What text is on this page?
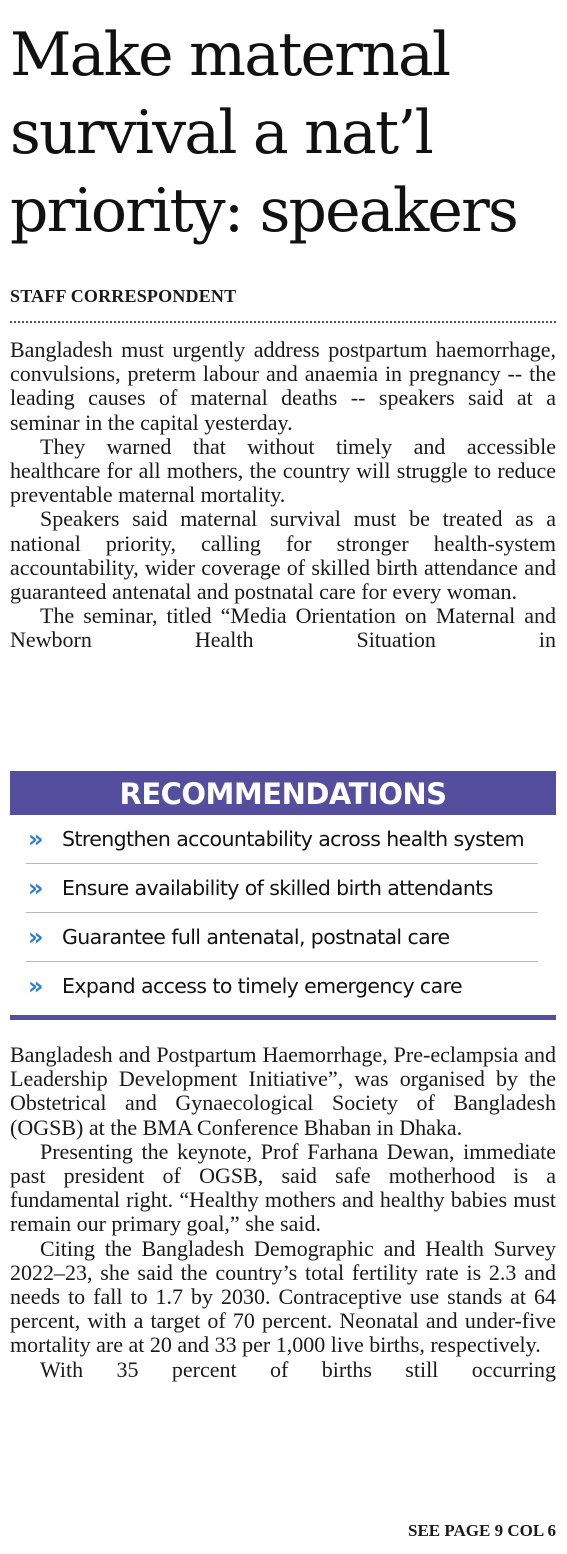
Make maternal
survival a nat’l
priority: speakers
STAFF CORRESPONDENT

Bangladesh must urgently address postpartum haemorrhage, convulsions, preterm labour and anaemia in pregnancy -- the leading causes of maternal deaths -- speakers said at a seminar in the capital yesterday.

They warned that without timely and accessible healthcare for all mothers, the country will struggle to reduce preventable maternal mortality.

Speakers said maternal survival must be treated as a national priority, calling for stronger health-system accountability, wider coverage of skilled birth attendance and guaranteed antenatal and postnatal care for every woman.

The seminar, titled “Media Orientation on Maternal and Newborn Health Situation in

RECOMMENDATIONS
» Strengthen accountability across health system
» Ensure availability of skilled birth attendants
» Guarantee full antenatal, postnatal care
» Expand access to timely emergency care

Bangladesh and Postpartum Haemorrhage, Pre-eclampsia and Leadership Development Initiative”, was organised by the Obstetrical and Gynaecological Society of Bangladesh (OGSB) at the BMA Conference Bhaban in Dhaka.

Presenting the keynote, Prof Farhana Dewan, immediate past president of OGSB, said safe motherhood is a fundamental right. “Healthy mothers and healthy babies must remain our primary goal,” she said.

Citing the Bangladesh Demographic and Health Survey 2022–23, she said the country’s total fertility rate is 2.3 and needs to fall to 1.7 by 2030. Contraceptive use stands at 64 percent, with a target of 70 percent. Neonatal and under-five mortality are at 20 and 33 per 1,000 live births, respectively.

With 35 percent of births still occurring

SEE PAGE 9 COL 6
